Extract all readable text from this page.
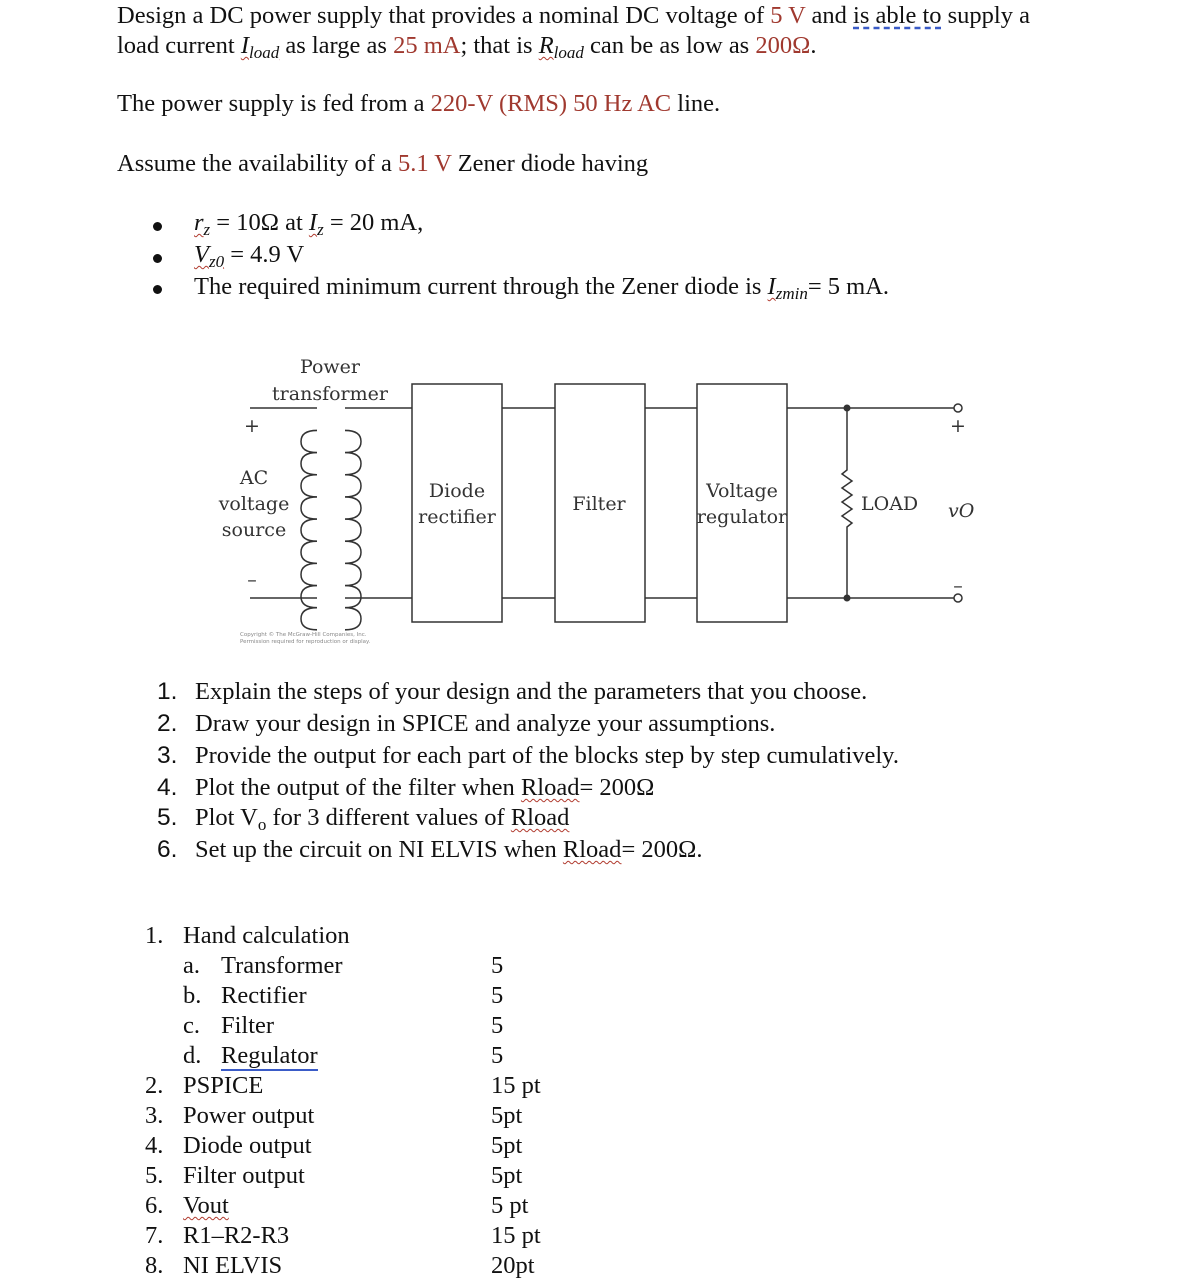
Design a DC power supply that provides a nominal DC voltage of 5 V and is able to supply a
load current $I_{load}$ as large as 25 mA; that is $R_{load}$ can be as low as 200Ω.
The power supply is fed from a 220-V (RMS) 50 Hz AC line.
Assume the availability of a 5.1 V Zener diode having
$r_z = 10\Omega$ at $I_z = 20$ mA,
$V_{z0} = 4.9$ V
The required minimum current through the Zener diode is $I_{zmin}= 5$ mA.
Power
transformer
+
AC
voltage
source
–
Diode
rectifier
Filter
Voltage
regulator
LOAD
+
–
vO
Copyright © The McGraw-Hill Companies, Inc.
Permission required for reproduction or display.
1. Explain the steps of your design and the parameters that you choose.
2. Draw your design in SPICE and analyze your assumptions.
3. Provide the output for each part of the blocks step by step cumulatively.
4. Plot the output of the filter when Rload= 200Ω
5. Plot $V_o$ for 3 different values of Rload
6. Set up the circuit on NI ELVIS when Rload= 200Ω.
1. Hand calculation
a. Transformer	5
b. Rectifier	5
c. Filter	5
d. Regulator	5
2. PSPICE	15 pt
3. Power output	5pt
4. Diode output	5pt
5. Filter output	5pt
6. Vout	5 pt
7. R1–R2-R3	15 pt
8. NI ELVIS	20pt
